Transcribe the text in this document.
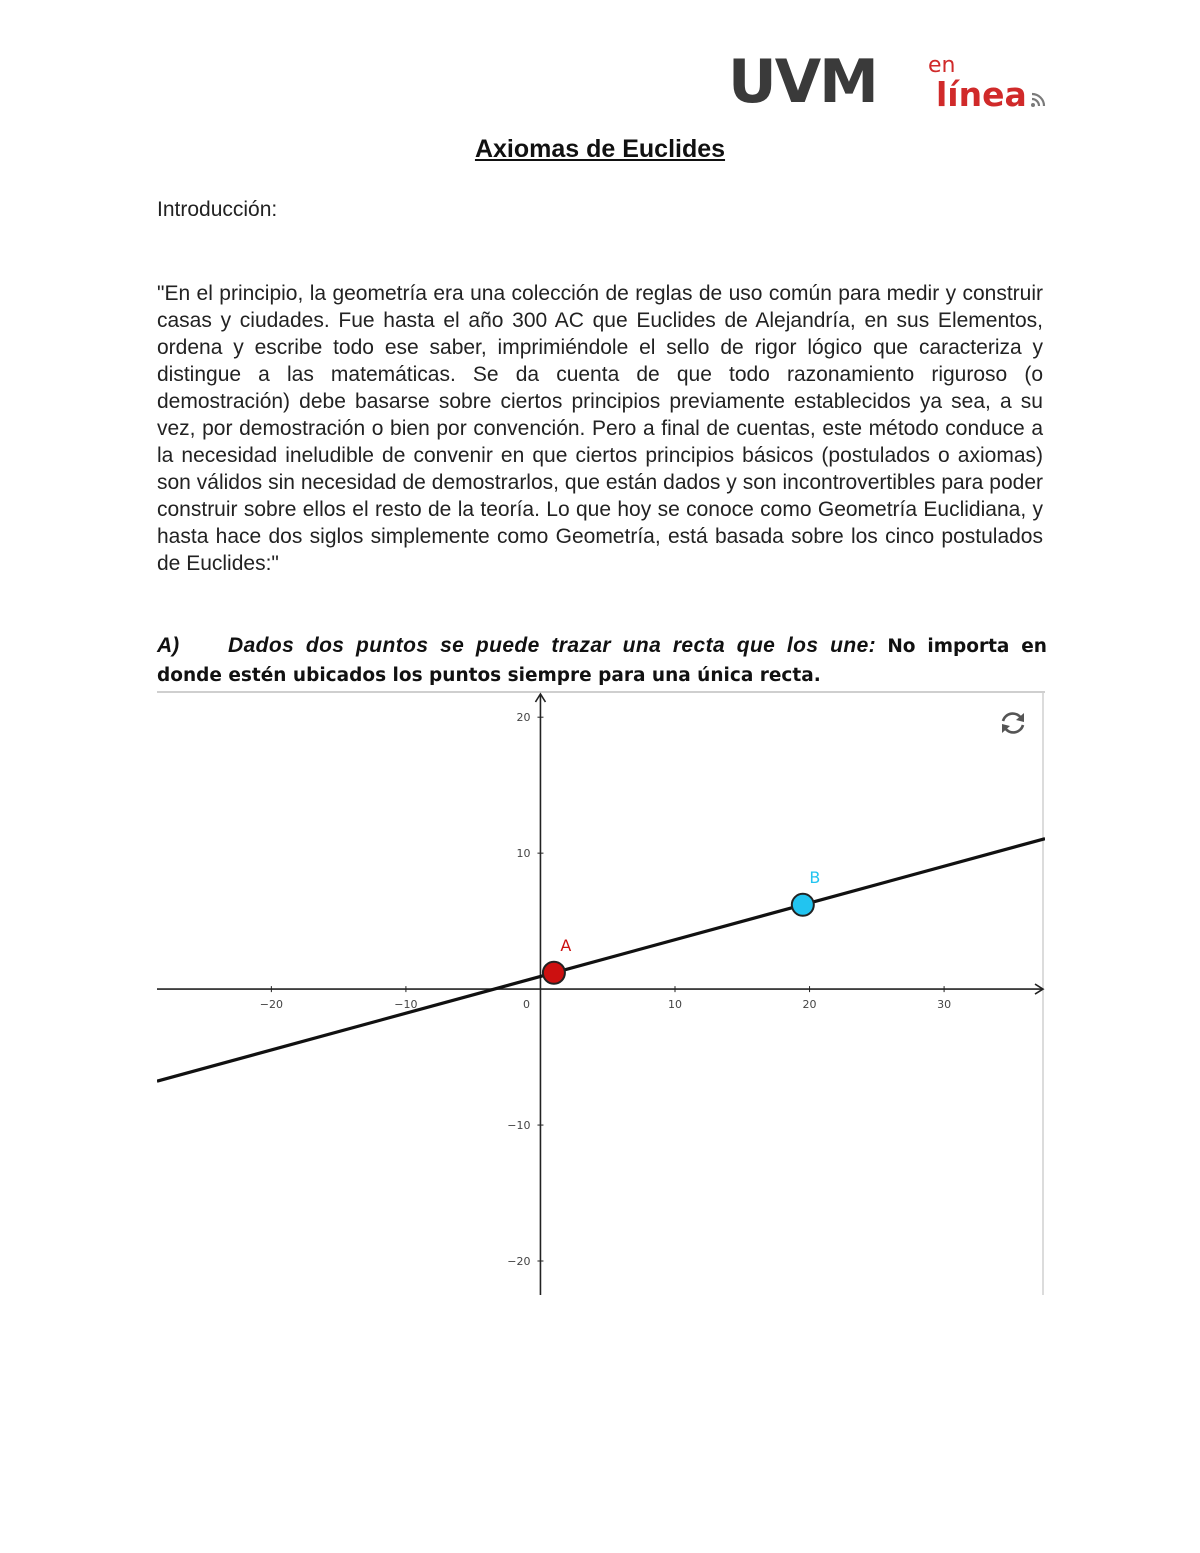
UVM en
línea
Axiomas de Euclides
Introducción:
"En el principio, la geometría era una colección de reglas de uso común para medir y construir casas y ciudades. Fue hasta el año 300 AC que Euclides de Alejandría, en sus Elementos, ordena y escribe todo ese saber, imprimiéndole el sello de rigor lógico que caracteriza y distingue a las matemáticas. Se da cuenta de que todo razonamiento riguroso (o demostración) debe basarse sobre ciertos principios previamente establecidos ya sea, a su vez, por demostración o bien por convención. Pero a final de cuentas, este método conduce a la necesidad ineludible de convenir en que ciertos principios básicos (postulados o axiomas) son válidos sin necesidad de demostrarlos, que están dados y son incontrovertibles para poder construir sobre ellos el resto de la teoría. Lo que hoy se conoce como Geometría Euclidiana, y hasta hace dos siglos simplemente como Geometría, está basada sobre los cinco postulados de Euclides:"
A) Dados dos puntos se puede trazar una recta que los une: No importa en donde estén ubicados los puntos siempre para una única recta.
−20	−10	0	10	20	30
20
10
−10
−20
A
B
